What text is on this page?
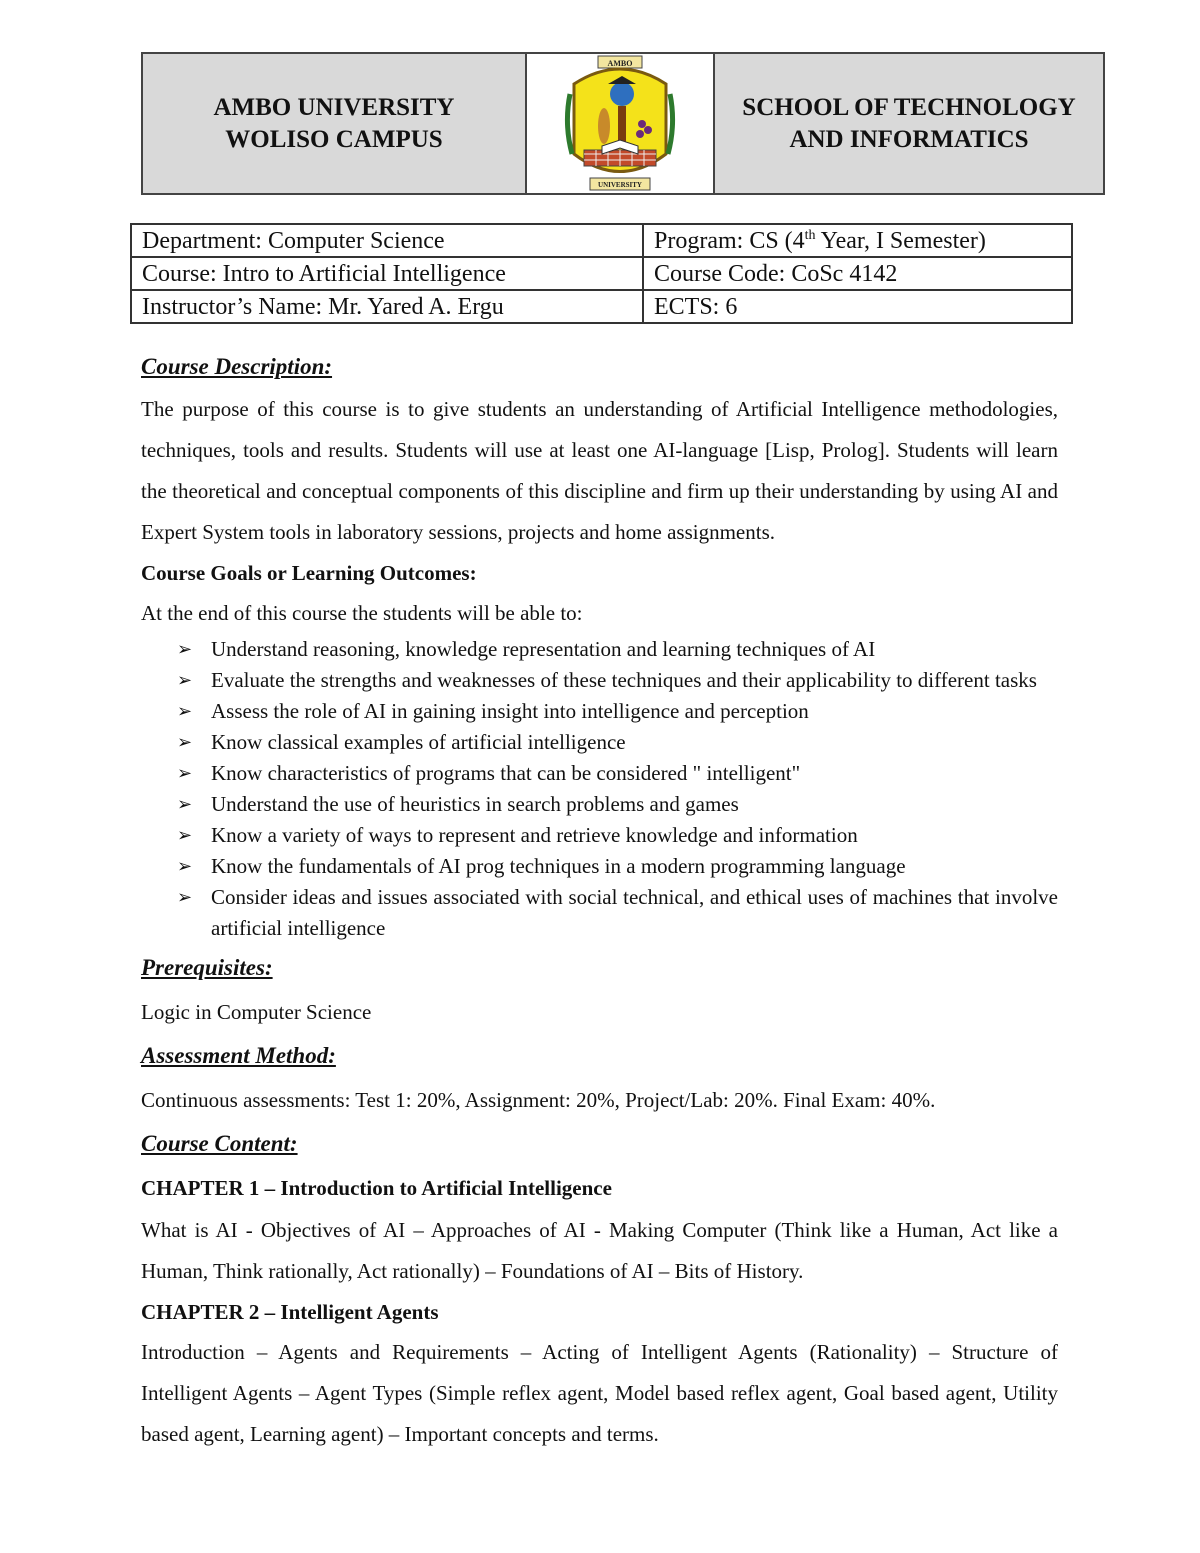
AMBO UNIVERSITY
WOLISO CAMPUS
AMBO
UNIVERSITY
SCHOOL OF TECHNOLOGY
AND INFORMATICS
Department: Computer Science	Program: CS (4th Year, I Semester)
Course: Intro to Artificial Intelligence	Course Code: CoSc 4142
Instructor’s Name: Mr. Yared A. Ergu	ECTS: 6
Course Description:

The purpose of this course is to give students an understanding of Artificial Intelligence methodologies, techniques, tools and results. Students will use at least one AI-language [Lisp, Prolog]. Students will learn the theoretical and conceptual components of this discipline and firm up their understanding by using AI and Expert System tools in laboratory sessions, projects and home assignments.

Course Goals or Learning Outcomes:
At the end of this course the students will be able to:
➢ Understand reasoning, knowledge representation and learning techniques of AI
➢ Evaluate the strengths and weaknesses of these techniques and their applicability to different tasks
➢ Assess the role of AI in gaining insight into intelligence and perception
➢ Know classical examples of artificial intelligence
➢ Know characteristics of programs that can be considered " intelligent"
➢ Understand the use of heuristics in search problems and games
➢ Know a variety of ways to represent and retrieve knowledge and information
➢ Know the fundamentals of AI prog techniques in a modern programming language
➢ Consider ideas and issues associated with social technical, and ethical uses of machines that involve artificial intelligence
Prerequisites:
Logic in Computer Science
Assessment Method:
Continuous assessments: Test 1: 20%, Assignment: 20%, Project/Lab: 20%. Final Exam: 40%.
Course Content:
CHAPTER 1 – Introduction to Artificial Intelligence

What is AI - Objectives of AI – Approaches of AI - Making Computer (Think like a Human, Act like a Human, Think rationally, Act rationally) – Foundations of AI – Bits of History.

CHAPTER 2 – Intelligent Agents

Introduction – Agents and Requirements – Acting of Intelligent Agents (Rationality) – Structure of Intelligent Agents – Agent Types (Simple reflex agent, Model based reflex agent, Goal based agent, Utility based agent, Learning agent) – Important concepts and terms.
